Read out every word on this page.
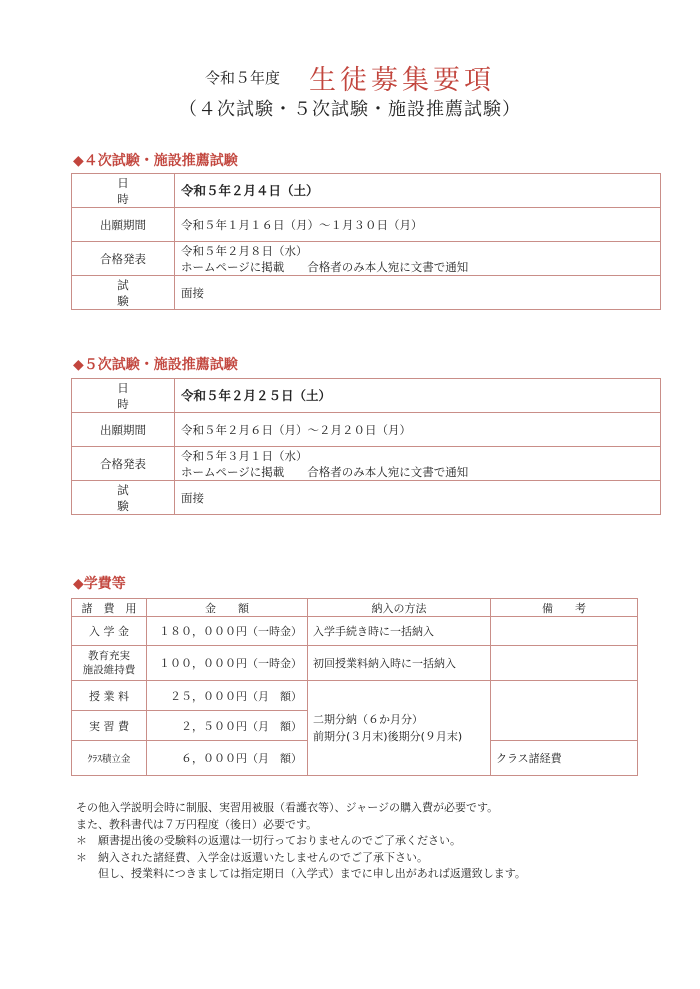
令和５年度 生徒募集要項
（４次試験・５次試験・施設推薦試験）
◆４次試験・施設推薦試験
日　時	令和５年２月４日（土）
出願期間	令和５年１月１６日（月）～１月３０日（月）
合格発表	令和５年２月８日（水）
ホームページに掲載　　合格者のみ本人宛に文書で通知

試　験	面接
◆５次試験・施設推薦試験
日　時	令和５年２月２５日（土）
出願期間	令和５年２月６日（月）～２月２０日（月）
合格発表	令和５年３月１日（水）
ホームページに掲載　　合格者のみ本人宛に文書で通知

試　験	面接
◆学費等
諸　費　用	金　　額	納入の方法	備　　考
入 学 金	１８０，０００円（一時金）	入学手続き時に一括納入	

教育充実
施設維持費	１００，０００円（一時金）	初回授業料納入時に一括納入	
授 業 料	２５，０００円（月　額）	二期分納（６か月分）
前期分(３月末)後期分(９月末)	

実 習 費	２，５００円（月　額）		
ｸﾗｽ積立金	６，０００円（月　額）		クラス諸経費
その他入学説明会時に制服、実習用被服（看護衣等）、ジャージの購入費が必要です。
また、教科書代は７万円程度（後日）必要です。
＊　願書提出後の受験料の返還は一切行っておりませんのでご了承ください。
＊　納入された諸経費、入学金は返還いたしませんのでご了承下さい。
　　但し、授業料につきましては指定期日（入学式）までに申し出があれば返還致します。
